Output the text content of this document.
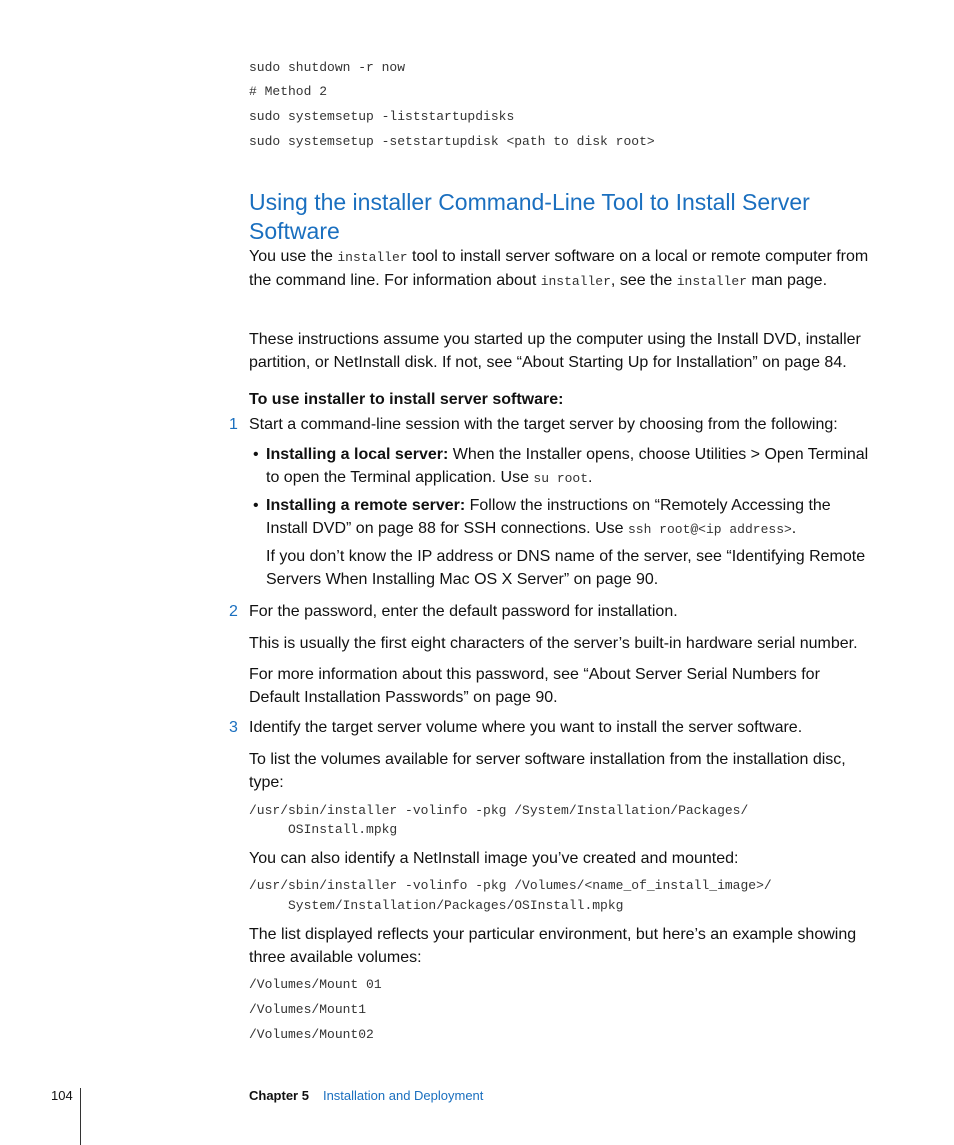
sudo shutdown -r now
# Method 2
sudo systemsetup -liststartupdisks
sudo systemsetup -setstartupdisk <path to disk root>
Using the installer Command-Line Tool to Install Server Software
You use the installer tool to install server software on a local or remote computer from the command line. For information about installer, see the installer man page.
These instructions assume you started up the computer using the Install DVD, installer partition, or NetInstall disk. If not, see “About Starting Up for Installation” on page 84.
To use installer to install server software:
1 Start a command-line session with the target server by choosing from the following:
• Installing a local server: When the Installer opens, choose Utilities > Open Terminal to open the Terminal application. Use su root.
• Installing a remote server: Follow the instructions on “Remotely Accessing the Install DVD” on page 88 for SSH connections. Use ssh root@<ip address>.
If you don’t know the IP address or DNS name of the server, see “Identifying Remote Servers When Installing Mac OS X Server” on page 90.
2 For the password, enter the default password for installation.
This is usually the first eight characters of the server’s built-in hardware serial number.
For more information about this password, see “About Server Serial Numbers for Default Installation Passwords” on page 90.
3 Identify the target server volume where you want to install the server software.
To list the volumes available for server software installation from the installation disc, type:
/usr/sbin/installer -volinfo -pkg /System/Installation/Packages/
OSInstall.mpkg
You can also identify a NetInstall image you’ve created and mounted:
/usr/sbin/installer -volinfo -pkg /Volumes/<name_of_install_image>/
System/Installation/Packages/OSInstall.mpkg
The list displayed reflects your particular environment, but here’s an example showing three available volumes:
/Volumes/Mount 01
/Volumes/Mount1
/Volumes/Mount02
104	Chapter 5 Installation and Deployment
